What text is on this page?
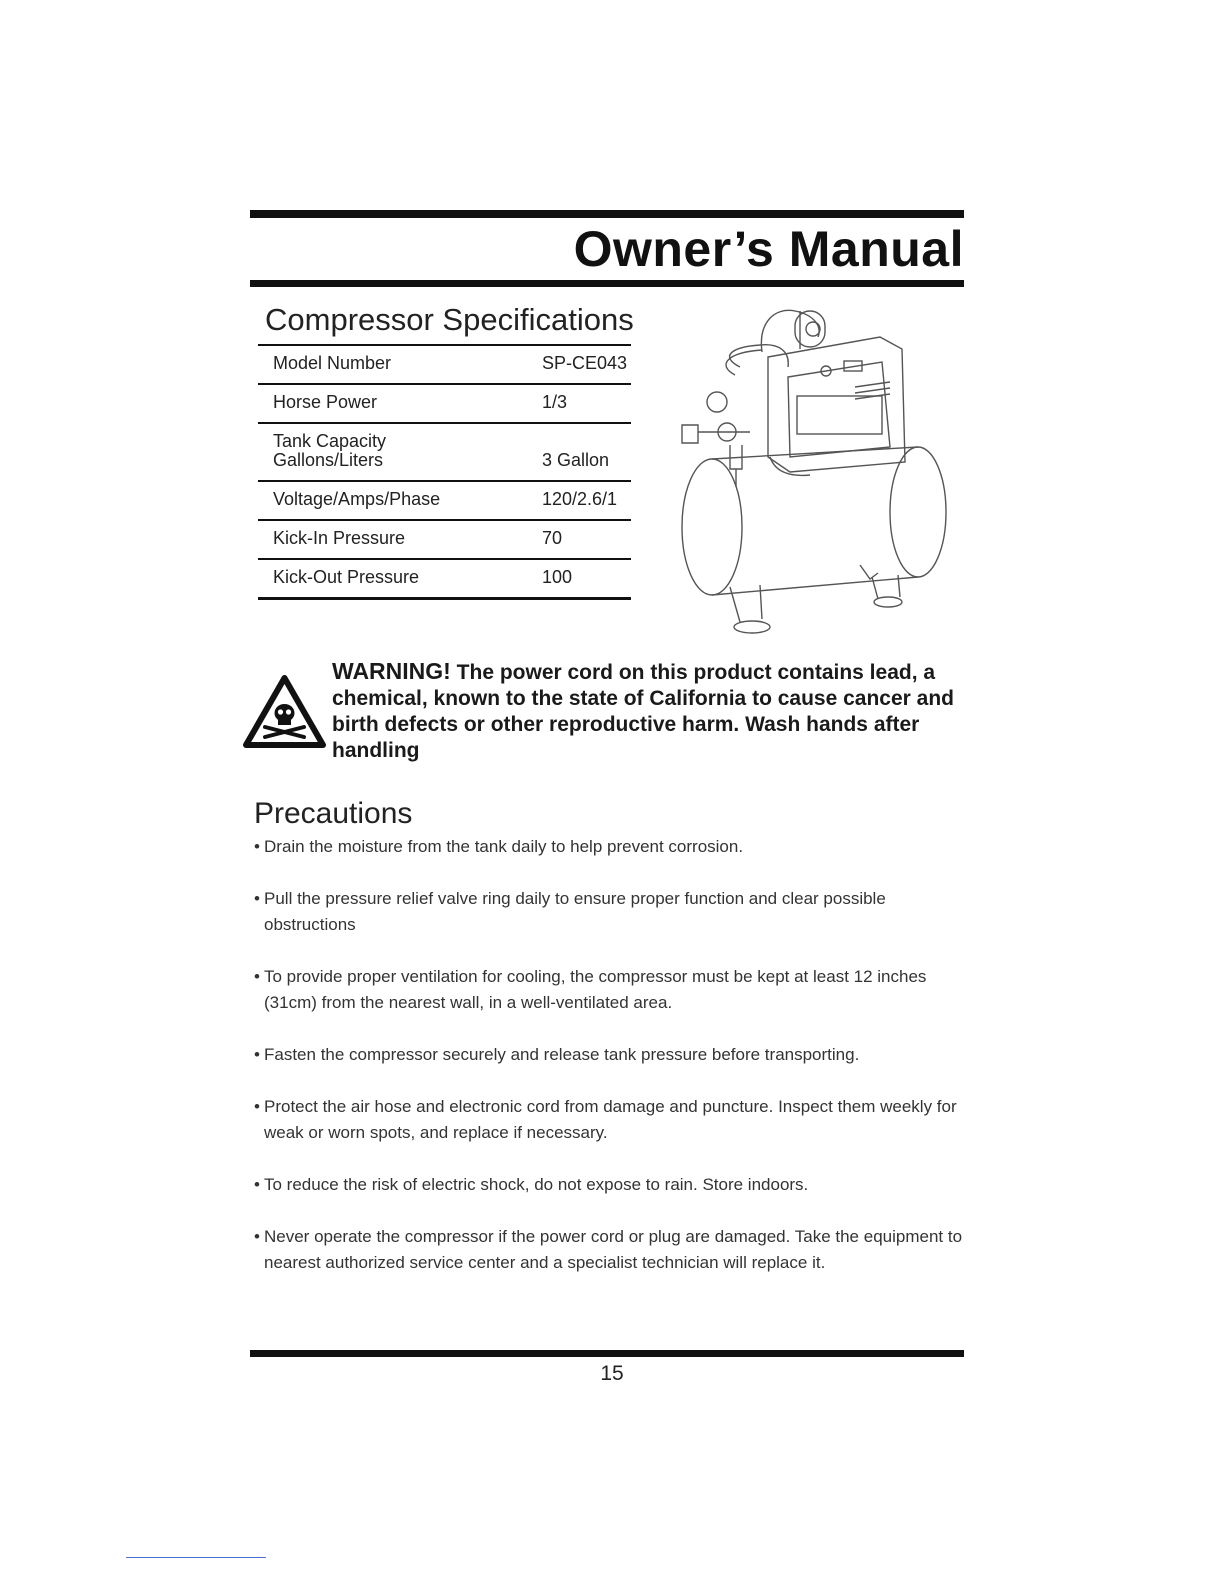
Owner’s Manual
Compressor Specifications
Model Number	SP-CE043
Horse Power	1/3

Tank Capacity
Gallons/Liters	3 Gallon
Voltage/Amps/Phase	120/2.6/1
Kick-In Pressure	70
Kick-Out Pressure	100

WARNING! The power cord on this product contains lead, a chemical, known to the state of California to cause cancer and birth defects or other reproductive harm. Wash hands after handling

Precautions
• Drain the moisture from the tank daily to help prevent corrosion.
• Pull the pressure relief valve ring daily to ensure proper function and clear possible obstructions
• To provide proper ventilation for cooling, the compressor must be kept at least 12 inches (31cm) from the nearest wall, in a well-ventilated area.
• Fasten the compressor securely and release tank pressure before transporting.
• Protect the air hose and electronic cord from damage and puncture. Inspect them weekly for weak or worn spots, and replace if necessary.
• To reduce the risk of electric shock, do not expose to rain. Store indoors.
• Never operate the compressor if the power cord or plug are damaged. Take the equipment to nearest authorized service center and a specialist technician will replace it.
15
